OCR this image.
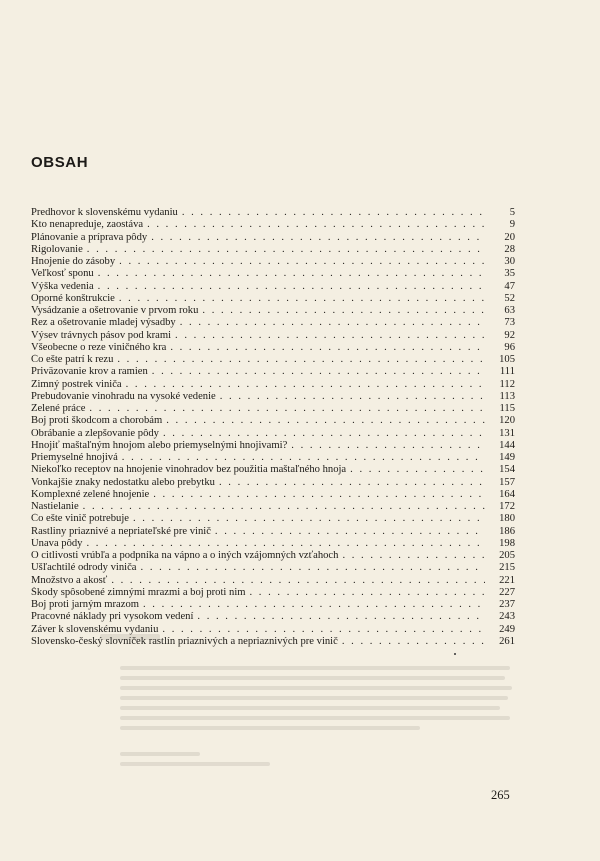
OBSAH
Predhovor k slovenskému vydaniu . . .	5
Kto nenapreduje, zaostáva . . .	9
Plánovanie a príprava pôdy . . .	20
Rigolovanie . . .	28
Hnojenie do zásoby . . .	30
Veľkosť sponu . . .	35
Výška vedenia . . .	47
Oporné konštrukcie . . .	52
Vysádzanie a ošetrovanie v prvom roku . . .	63
Rez a ošetrovanie mladej výsadby . . .	73
Výsev trávnych pásov pod krami . . .	92
Všeobecne o reze viničného kra . . .	96
Čo ešte patrí k rezu . . .	105
Priväzovanie krov a ramien . . .	111
Zimný postrek viniča . . .	112
Prebudovanie vinohradu na vysoké vedenie . . .	113
Zelené práce . . .	115
Boj proti škodcom a chorobám . . .	120
Obrábanie a zlepšovanie pôdy . . .	131
Hnojiť maštaľným hnojom alebo priemyselnými hnojivami? . . .	144
Priemyselné hnojivá . . .	149
Niekoľko receptov na hnojenie vinohradov bez použitia maštaľného hnoja . . .	154
Vonkajšie znaky nedostatku alebo prebytku . . .	157
Komplexné zelené hnojenie . . .	164
Nastielanie . . .	172
Čo ešte vinič potrebuje . . .	180
Rastliny priaznivé a nepriateľské pre vinič . . .	186
Únava pôdy . . .	198
O citlivosti vrúbľa a podpníka na vápno a o iných vzájomných vzťahoch . . .	205
Ušľachtilé odrody viniča . . .	215
Množstvo a akosť . . .	221
Škody spôsobené zimnými mrazmi a boj proti nim . . .	227
Boj proti jarným mrazom . . .	237
Pracovné náklady pri vysokom vedení . . .	243
Záver k slovenskému vydaniu . . .	249
Slovensko-český slovníček rastlín priaznivých a nepriaznivých pre vinič . . .	261
265
